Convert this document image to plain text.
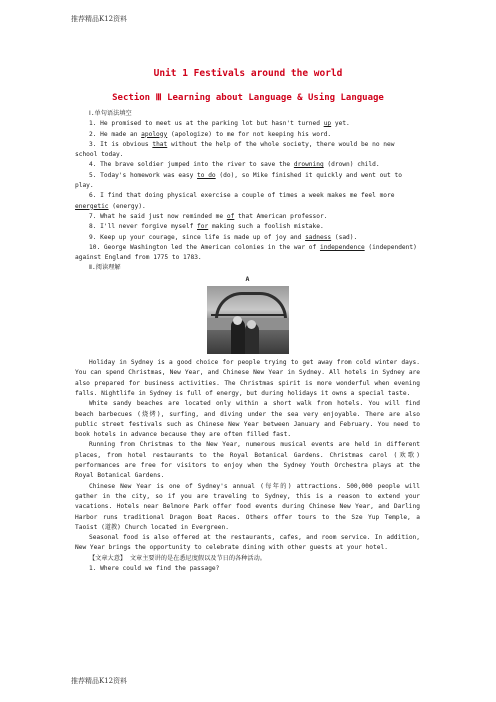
推荐精品K12资料
Unit 1 Festivals around the world
Section Ⅲ Learning about Language & Using Language

Ⅰ.单句语法填空

1. He promised to meet us at the parking lot but hasn't turned up yet.

2. He made an apology (apologize) to me for not keeping his word.

3. It is obvious that without the help of the whole society, there would be no new school today.

4. The brave soldier jumped into the river to save the drowning (drown) child.

5. Today's homework was easy to do (do), so Mike finished it quickly and went out to play.

6. I find that doing physical exercise a couple of times a week makes me feel more energetic (energy).

7. What he said just now reminded me of that American professor.

8. I'll never forgive myself for making such a foolish mistake.

9. Keep up your courage, since life is made up of joy and sadness (sad).

10. George Washington led the American colonies in the war of independence (independent) against England from 1775 to 1783.

Ⅱ.阅读理解

A

Holiday in Sydney is a good choice for people trying to get away from cold winter days. You can spend Christmas, New Year, and Chinese New Year in Sydney. All hotels in Sydney are also prepared for business activities. The Christmas spirit is more wonderful when evening falls. Nightlife in Sydney is full of energy, but during holidays it owns a special taste.

White sandy beaches are located only within a short walk from hotels. You will find beach barbecues (烧烤), surfing, and diving under the sea very enjoyable. There are also public street festivals such as Chinese New Year between January and February. You need to book hotels in advance because they are often filled fast.

Running from Christmas to the New Year, numerous musical events are held in different places, from hotel restaurants to the Royal Botanical Gardens. Christmas carol (欢歌) performances are free for visitors to enjoy when the Sydney Youth Orchestra plays at the Royal Botanical Gardens.

Chinese New Year is one of Sydney's annual (每年的) attractions. 500,000 people will gather in the city, so if you are traveling to Sydney, this is a reason to extend your vacations. Hotels near Belmore Park offer food events during Chinese New Year, and Darling Harbor runs traditional Dragon Boat Races. Others offer tours to the Sze Yup Temple, a Taoist (道教) Church located in Evergreen.

Seasonal food is also offered at the restaurants, cafes, and room service. In addition, New Year brings the opportunity to celebrate dining with other guests at your hotel.

【文章大意】 文章主要讲的是在悉尼度假以及节日的各种活动。

1. Where could we find the passage?

推荐精品K12资料
